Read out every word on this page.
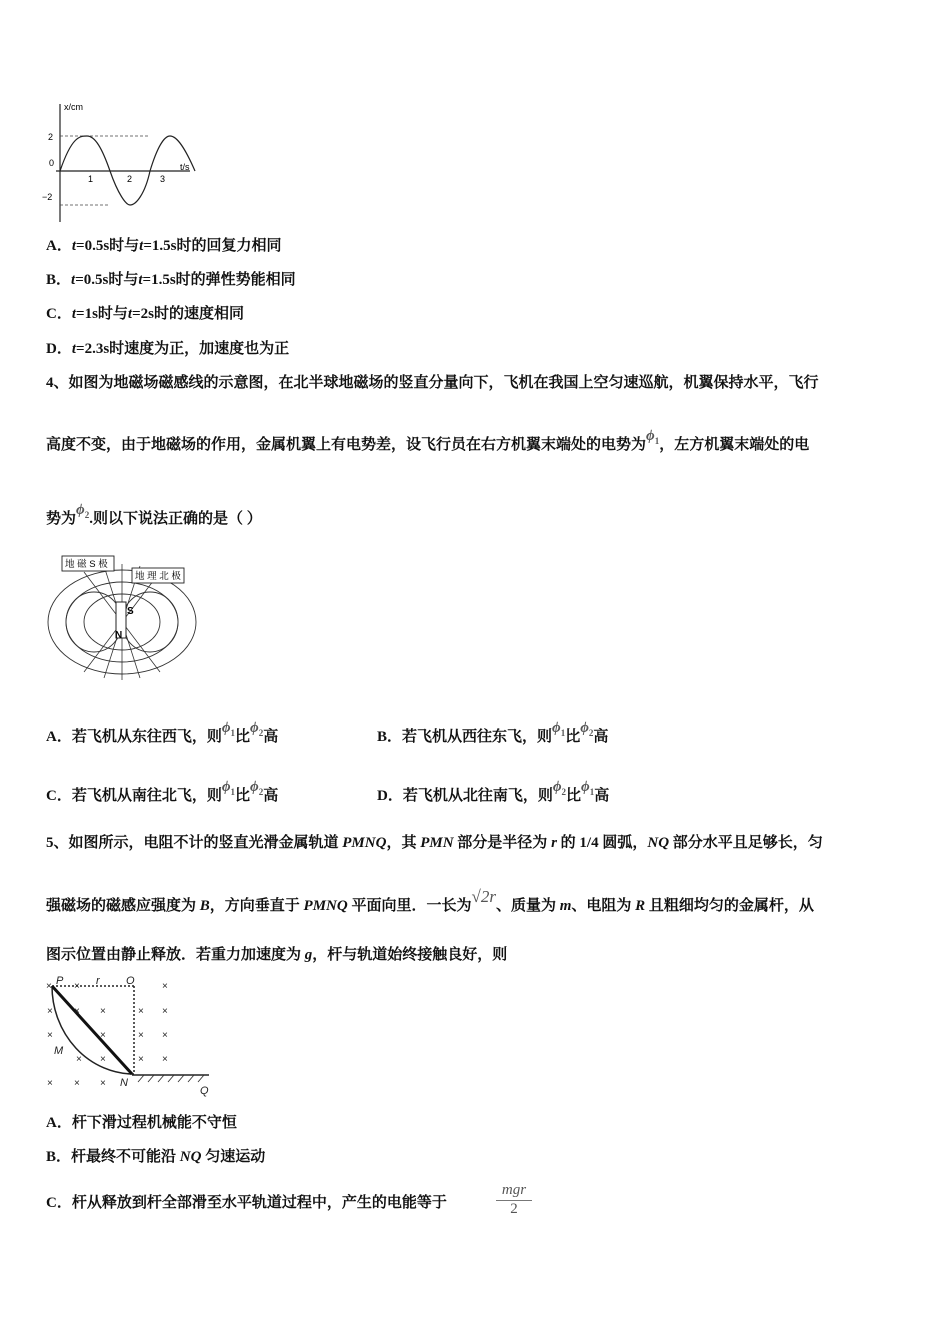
x/cm
t/s
2
0
−2
1	2	3
A．t=0.5s时与t=1.5s时的回复力相同
B．t=0.5s时与t=1.5s时的弹性势能相同
C．t=1s时与t=2s时的速度相同
D．t=2.3s时速度为正，加速度也为正
4、如图为地磁场磁感线的示意图，在北半球地磁场的竖直分量向下，飞机在我国上空匀速巡航，机翼保持水平，飞行
高度不变，由于地磁场的作用，金属机翼上有电势差，设飞行员在右方机翼末端处的电势为$\phi_1$，左方机翼末端处的电
势为$\phi_2$.则以下说法正确的是（ ）
地 磁 S 极
地 理 北 极
S
N
A．若飞机从东往西飞，则$\phi_1$比$\phi_2$高	B．若飞机从西往东飞，则$\phi_1$比$\phi_2$高
C．若飞机从南往北飞，则$\phi_1$比$\phi_2$高	D．若飞机从北往南飞，则$\phi_2$比$\phi_1$高
5、如图所示，电阻不计的竖直光滑金属轨道 PMNQ，其 PMN 部分是半径为 r 的 1/4 圆弧，NQ 部分水平且足够长，匀
强磁场的磁感应强度为 B，方向垂直于 PMNQ 平面向里．一长为√2r、质量为 m、电阻为 R 且粗细均匀的金属杆，从
图示位置由静止释放．若重力加速度为 g，杆与轨道始终接触良好，则
× ×	×
× × ×	× ×
×	×	× ×
× ×	× ×
× × ×
P	r O
M
N
Q
A．杆下滑过程机械能不守恒
B．杆最终不可能沿 NQ 匀速运动
C．杆从释放到杆全部滑至水平轨道过程中，产生的电能等于
mgr
2
